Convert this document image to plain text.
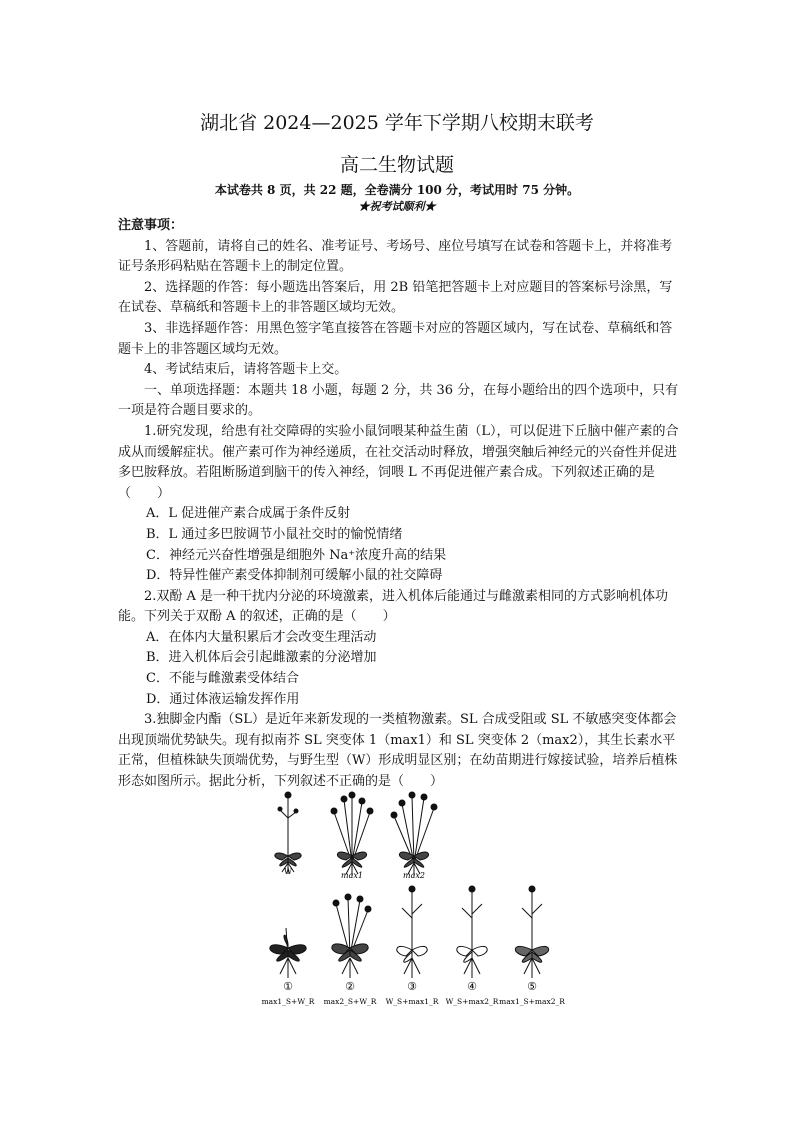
湖北省 2024—2025 学年下学期八校期末联考
高二生物试题
本试卷共 8 页，共 22 题，全卷满分 100 分，考试用时 75 分钟。
★祝考试顺利★

注意事项：

1、答题前，请将自己的姓名、准考证号、考场号、座位号填写在试卷和答题卡上，并将准考证号条形码粘贴在答题卡上的制定位置。

2、选择题的作答：每小题选出答案后，用 2B 铅笔把答题卡上对应题目的答案标号涂黑，写在试卷、草稿纸和答题卡上的非答题区域均无效。

3、非选择题作答：用黑色签字笔直接答在答题卡对应的答题区域内，写在试卷、草稿纸和答题卡上的非答题区域均无效。

4、考试结束后，请将答题卡上交。

一、单项选择题：本题共 18 小题，每题 2 分，共 36 分，在每小题给出的四个选项中，只有一项是符合题目要求的。

1.研究发现，给患有社交障碍的实验小鼠饲喂某种益生菌（L），可以促进下丘脑中催产素的合成从而缓解症状。催产素可作为神经递质，在社交活动时释放，增强突触后神经元的兴奋性并促进多巴胺释放。若阻断肠道到脑干的传入神经，饲喂 L 不再促进催产素合成。下列叙述正确的是（　　）

A．L 促进催产素合成属于条件反射

B．L 通过多巴胺调节小鼠社交时的愉悦情绪

C．神经元兴奋性增强是细胞外 Na⁺浓度升高的结果

D．特异性催产素受体抑制剂可缓解小鼠的社交障碍

2.双酚 A 是一种干扰内分泌的环境激素，进入机体后能通过与雌激素相同的方式影响机体功能。下列关于双酚 A 的叙述，正确的是（　　）

A．在体内大量积累后才会改变生理活动

B．进入机体后会引起雌激素的分泌增加

C．不能与雌激素受体结合

D．通过体液运输发挥作用

3.独脚金内酯（SL）是近年来新发现的一类植物激素。SL 合成受阻或 SL 不敏感突变体都会出现顶端优势缺失。现有拟南芥 SL 突变体 1（max1）和 SL 突变体 2（max2），其生长素水平正常，但植株缺失顶端优势，与野生型（W）形成明显区别；在幼苗期进行嫁接试验，培养后植株形态如图所示。据此分析，下列叙述不正确的是（　　）

W	max1	max2
①	②	③	④	⑤
max1_S+W_R max2_S+W_R W_S+max1_R W_S+max2_R max1_S+max2_R
